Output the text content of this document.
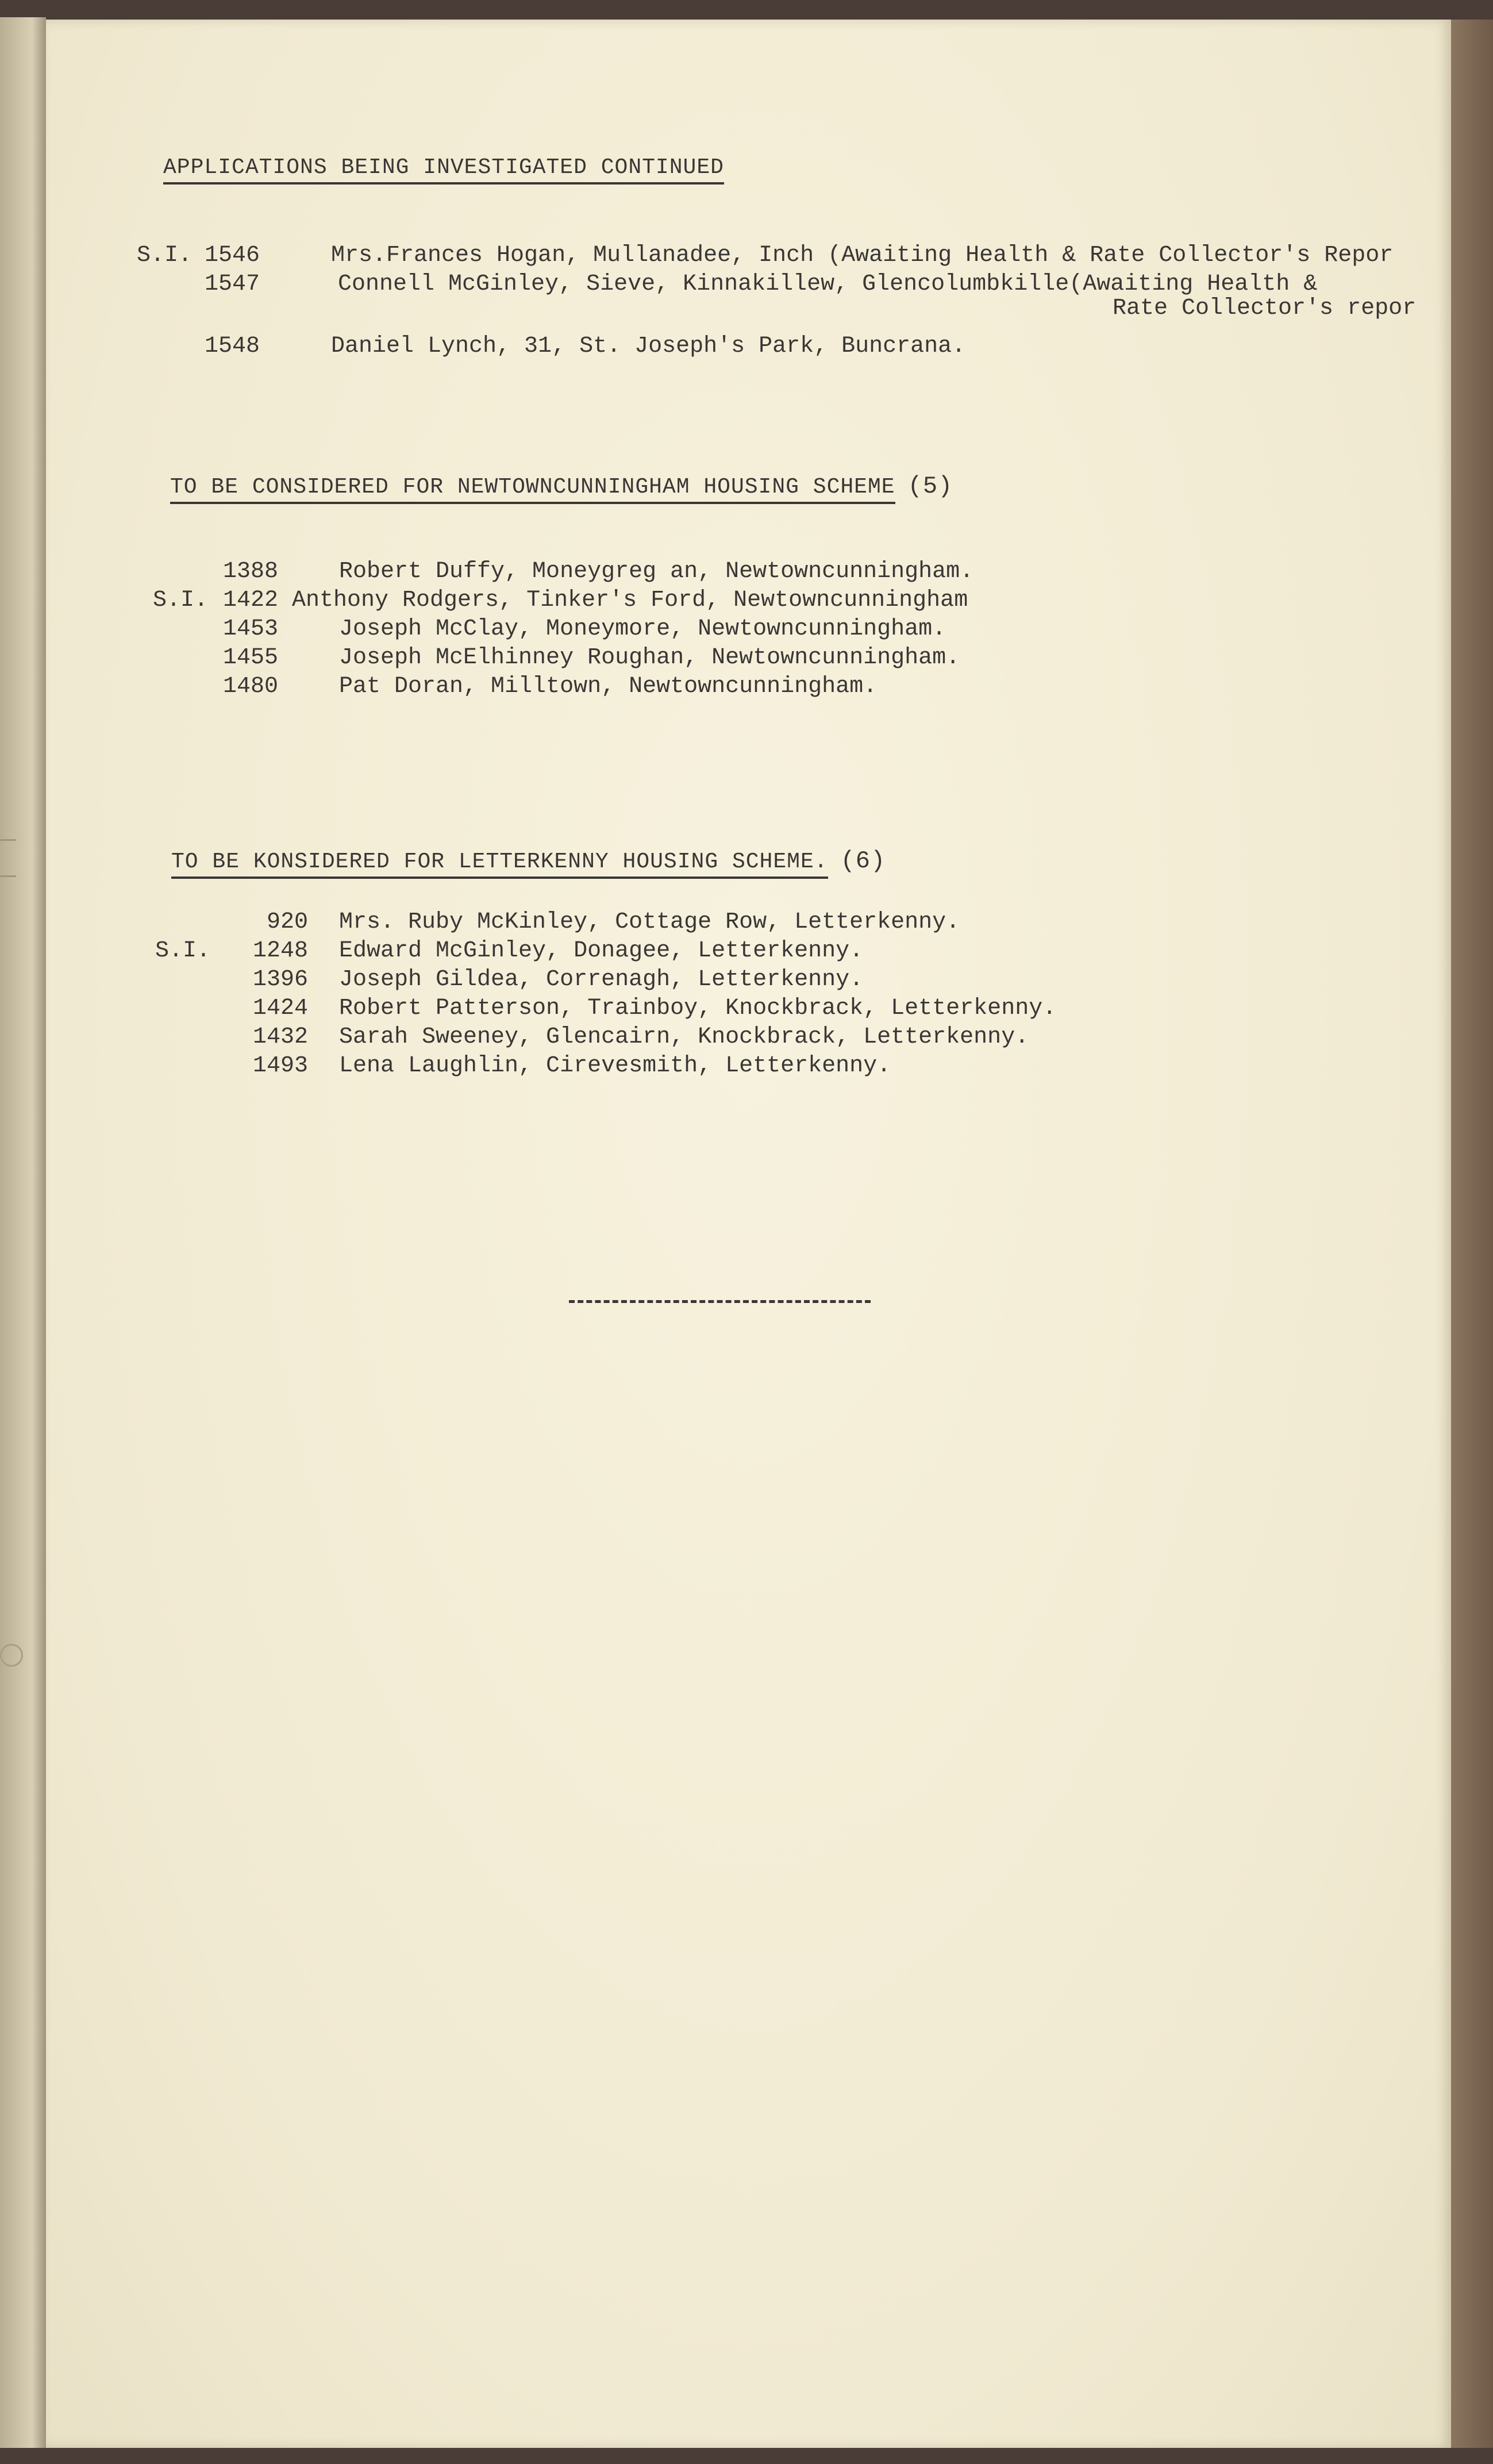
APPLICATIONS BEING INVESTIGATED CONTINUED
S.I. 1546	Mrs.Frances Hogan, Mullanadee, Inch (Awaiting Health & Rate Collector's Repor
1547	Connell McGinley, Sieve, Kinnakillew, Glencolumbkille(Awaiting Health &
Rate Collector's repor
1548	Daniel Lynch, 31, St. Joseph's Park, Buncrana.
TO BE CONSIDERED FOR NEWTOWNCUNNINGHAM HOUSING SCHEME (5)
1388	Robert Duffy, Moneygreg an, Newtowncunningham.
S.I. 1422 Anthony Rodgers, Tinker's Ford, Newtowncunningham
1453	Joseph McClay, Moneymore, Newtowncunningham.
1455	Joseph McElhinney Roughan, Newtowncunningham.
1480	Pat Doran, Milltown, Newtowncunningham.
TO BE KONSIDERED FOR LETTERKENNY HOUSING SCHEME. (6)
920 Mrs. Ruby McKinley, Cottage Row, Letterkenny.
S.I. 1248 Edward McGinley, Donagee, Letterkenny.
1396 Joseph Gildea, Correnagh, Letterkenny.
1424 Robert Patterson, Trainboy, Knockbrack, Letterkenny.
1432 Sarah Sweeney, Glencairn, Knockbrack, Letterkenny.
1493 Lena Laughlin, Cirevesmith, Letterkenny.
